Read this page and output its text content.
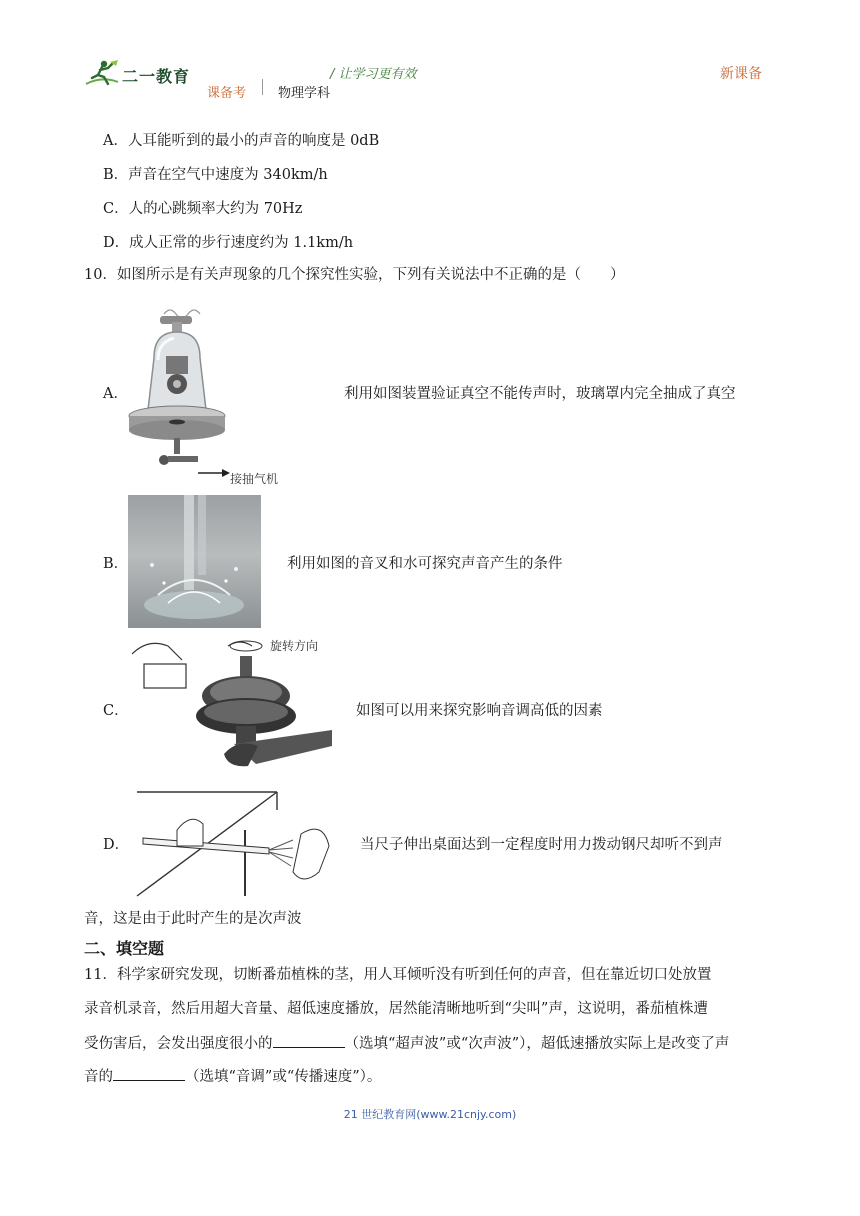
二一教育	/ 让学习更有效	新课备
课备考 物理学科
A．人耳能听到的最小的声音的响度是 0dB
B．声音在空气中速度为 340km/h
C．人的心跳频率大约为 70Hz
D．成人正常的步行速度约为 1.1km/h
10．如图所示是有关声现象的几个探究性实验，下列有关说法中不正确的是（　　）
A．
接抽气机
利用如图装置验证真空不能传声时，玻璃罩内完全抽成了真空
B．	利用如图的音叉和水可探究声音产生的条件
C．
旋转方向
如图可以用来探究影响音调高低的因素
D．	当尺子伸出桌面达到一定程度时用力拨动钢尺却听不到声
音，这是由于此时产生的是次声波
二、填空题
11．科学家研究发现，切断番茄植株的茎，用人耳倾听没有听到任何的声音，但在靠近切口处放置
录音机录音，然后用超大音量、超低速度播放，居然能清晰地听到“尖叫”声，这说明，番茄植株遭
受伤害后，会发出强度很小的	（选填“超声波”或“次声波”），超低速播放实际上是改变了声
音的	（选填“音调”或“传播速度”）。
21 世纪教育网(www.21cnjy.com)
